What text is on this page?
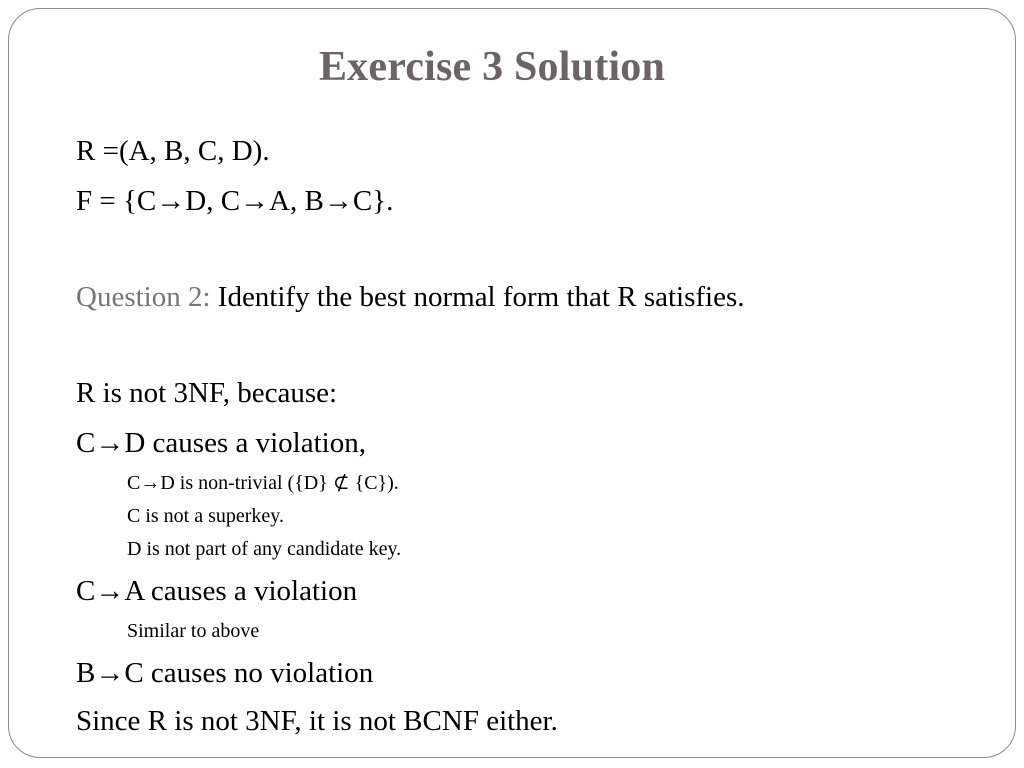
Exercise 3 Solution
R =(A, B, C, D).
F = {C→D, C→A, B→C}.
Question 2: Identify the best normal form that R satisfies.
R is not 3NF, because:
C→D causes a violation,
C→D is non-trivial ({D} ⊄ {C}).
C is not a superkey.
D is not part of any candidate key.
C→A causes a violation
Similar to above
B→C causes no violation
Since R is not 3NF, it is not BCNF either.
